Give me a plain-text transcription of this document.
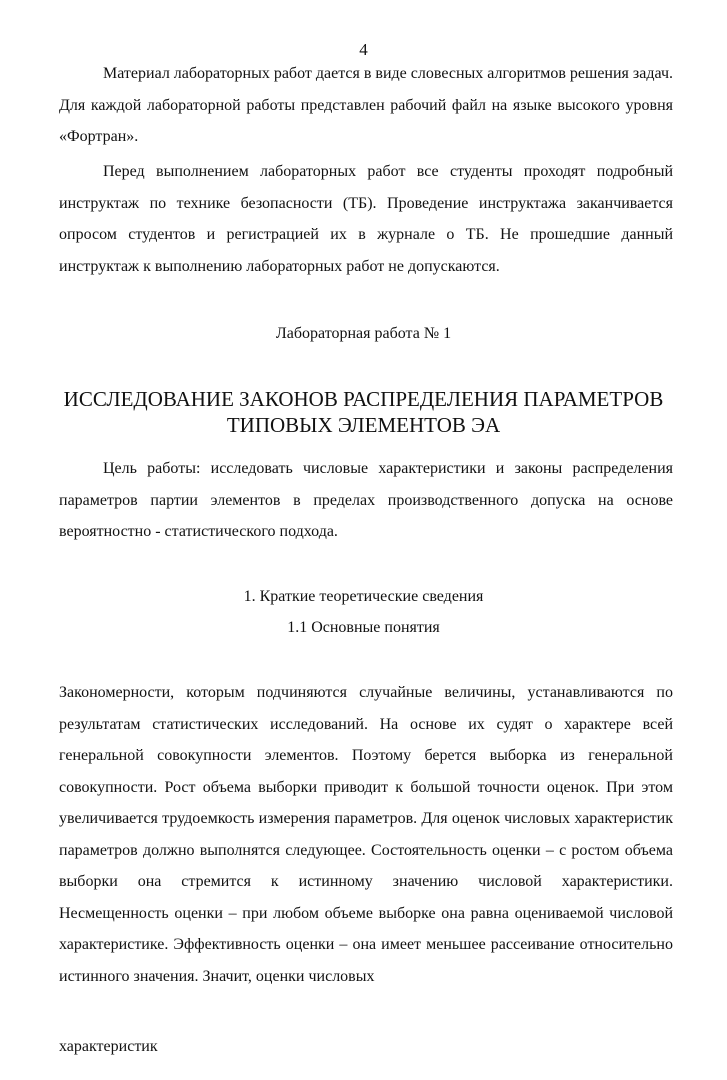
4

Материал лабораторных работ дается в виде словесных алгоритмов решения задач. Для каждой лабораторной работы представлен рабочий файл на языке высокого уровня «Фортран».

Перед выполнением лабораторных работ все студенты проходят подробный инструктаж по технике безопасности (ТБ). Проведение инструктажа заканчивается опросом студентов и регистрацией их в журнале о ТБ. Не прошедшие данный инструктаж к выполнению лабораторных работ не допускаются.

Лабораторная работа № 1
ИССЛЕДОВАНИЕ ЗАКОНОВ РАСПРЕДЕЛЕНИЯ ПАРАМЕТРОВ
ТИПОВЫХ ЭЛЕМЕНТОВ ЭА

Цель работы: исследовать числовые характеристики и законы распределения параметров партии элементов в пределах производственного допуска на основе вероятностно - статистического подхода.

1. Краткие теоретические сведения
1.1 Основные понятия

Закономерности, которым подчиняются случайные величины, устанавливаются по результатам статистических исследований. На основе их судят о характере всей генеральной совокупности элементов. Поэтому берется выборка из генеральной совокупности. Рост объема выборки приводит к большой точности оценок. При этом увеличивается трудоемкость измерения параметров. Для оценок числовых характеристик параметров должно выполнятся следующее. Состоятельность оценки – с ростом объема выборки она стремится к истинному значению числовой характеристики. Несмещенность оценки – при любом объеме выборке она равна оцениваемой числовой характеристике. Эффективность оценки – она имеет меньшее рассеивание относительно истинного значения. Значит, оценки числовых

характеристик
